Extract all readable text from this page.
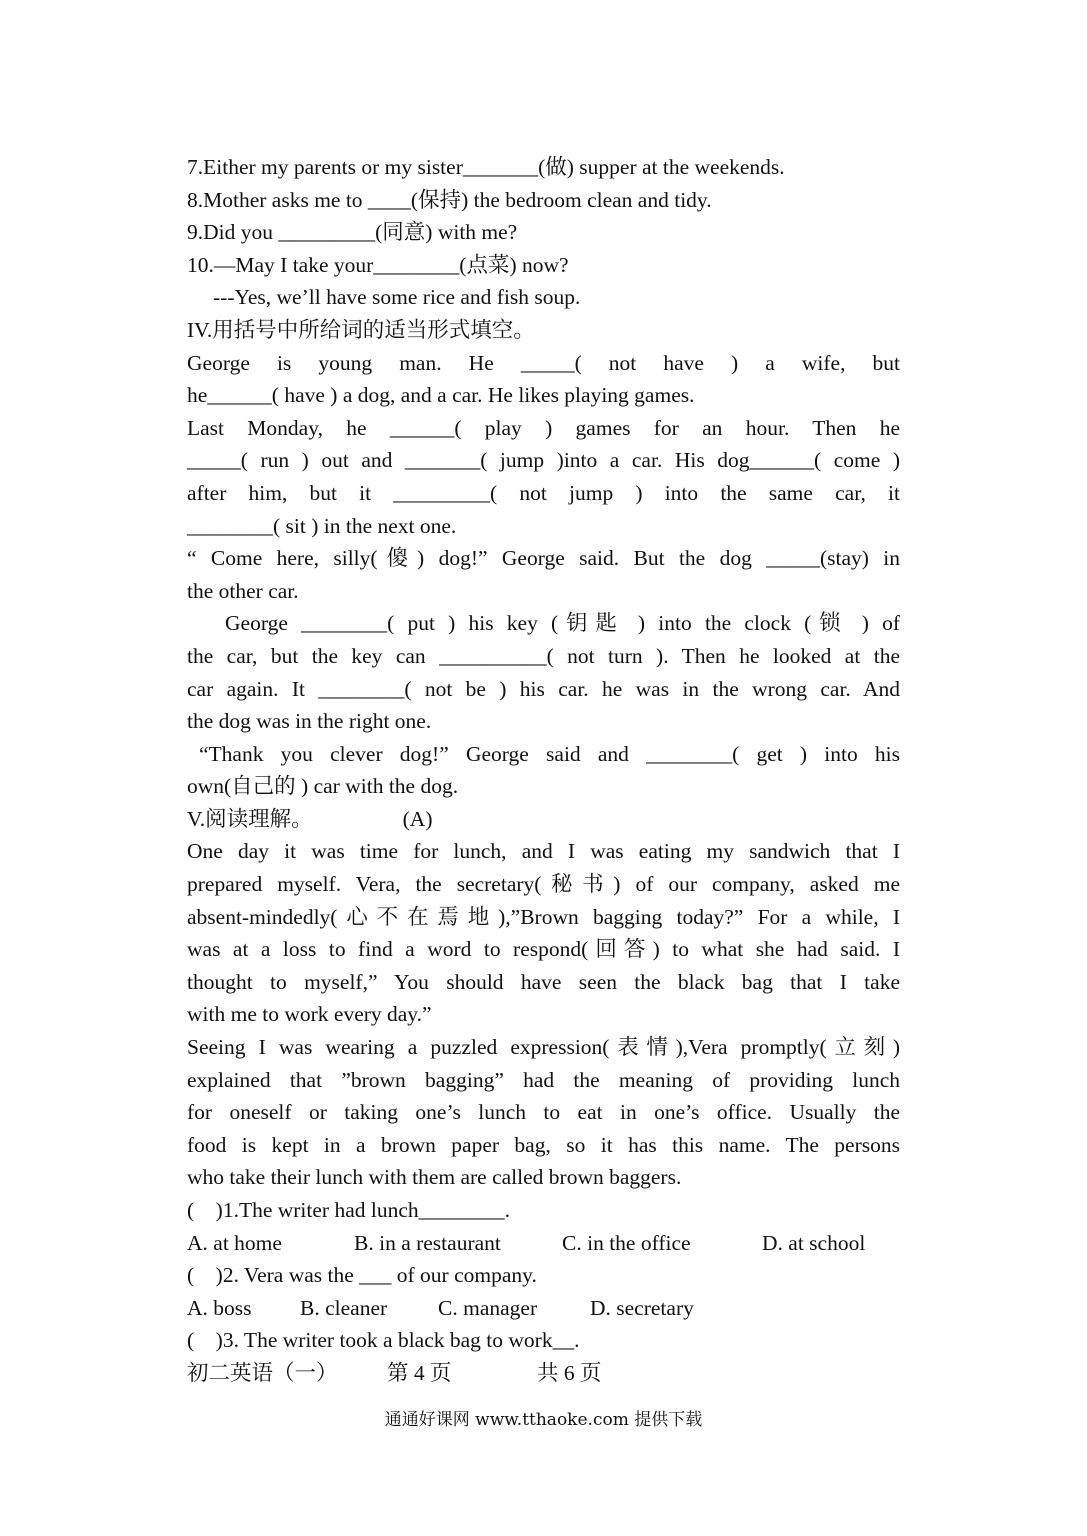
7.Either my parents or my sister_______(做) supper at the weekends.

8.Mother asks me to ____(保持) the bedroom clean and tidy.

9.Did you _________(同意) with me?

10.—May I take your________(点菜) now?

---Yes, we’ll have some rice and fish soup.

IV.用括号中所给词的适当形式填空。

George is young man. He _____( not have ) a wife, but

he______( have ) a dog, and a car. He likes playing games.

Last Monday, he ______( play ) games for an hour. Then he

_____( run ) out and _______( jump )into a car. His dog______( come )

after him, but it _________( not jump ) into the same car, it

________( sit ) in the next one.

“ Come here, silly(傻) dog!” George said. But the dog _____(stay) in

the other car.

George ________( put ) his key (钥匙 ) into the clock (锁 ) of

the car, but the key can __________( not turn ). Then he looked at the

car again. It ________( not be ) his car. he was in the wrong car. And

the dog was in the right one.

“Thank you clever dog!” George said and ________( get ) into his

own(自己的 ) car with the dog.

V.阅读理解。	(A)

One day it was time for lunch, and I was eating my sandwich that I

prepared myself. Vera, the secretary(秘书) of our company, asked me

absent-mindedly(心不在焉地),”Brown bagging today?” For a while, I

was at a loss to find a word to respond(回答) to what she had said. I

thought to myself,” You should have seen the black bag that I take

with me to work every day.”

Seeing I was wearing a puzzled expression(表情),Vera promptly(立刻)

explained that ”brown bagging” had the meaning of providing lunch

for oneself or taking one’s lunch to eat in one’s office. Usually the

food is kept in a brown paper bag, so it has this name. The persons

who take their lunch with them are called brown baggers.

(    )1.The writer had lunch________.

A. at home	B. in a restaurant	C. in the office	D. at school

(    )2. Vera was the ___ of our company.

A. boss	B. cleaner	C. manager	D. secretary

(    )3. The writer took a black bag to work__.

初二英语（一）	第 4 页	共 6 页

通通好课网 www.tthaoke.com 提供下载
